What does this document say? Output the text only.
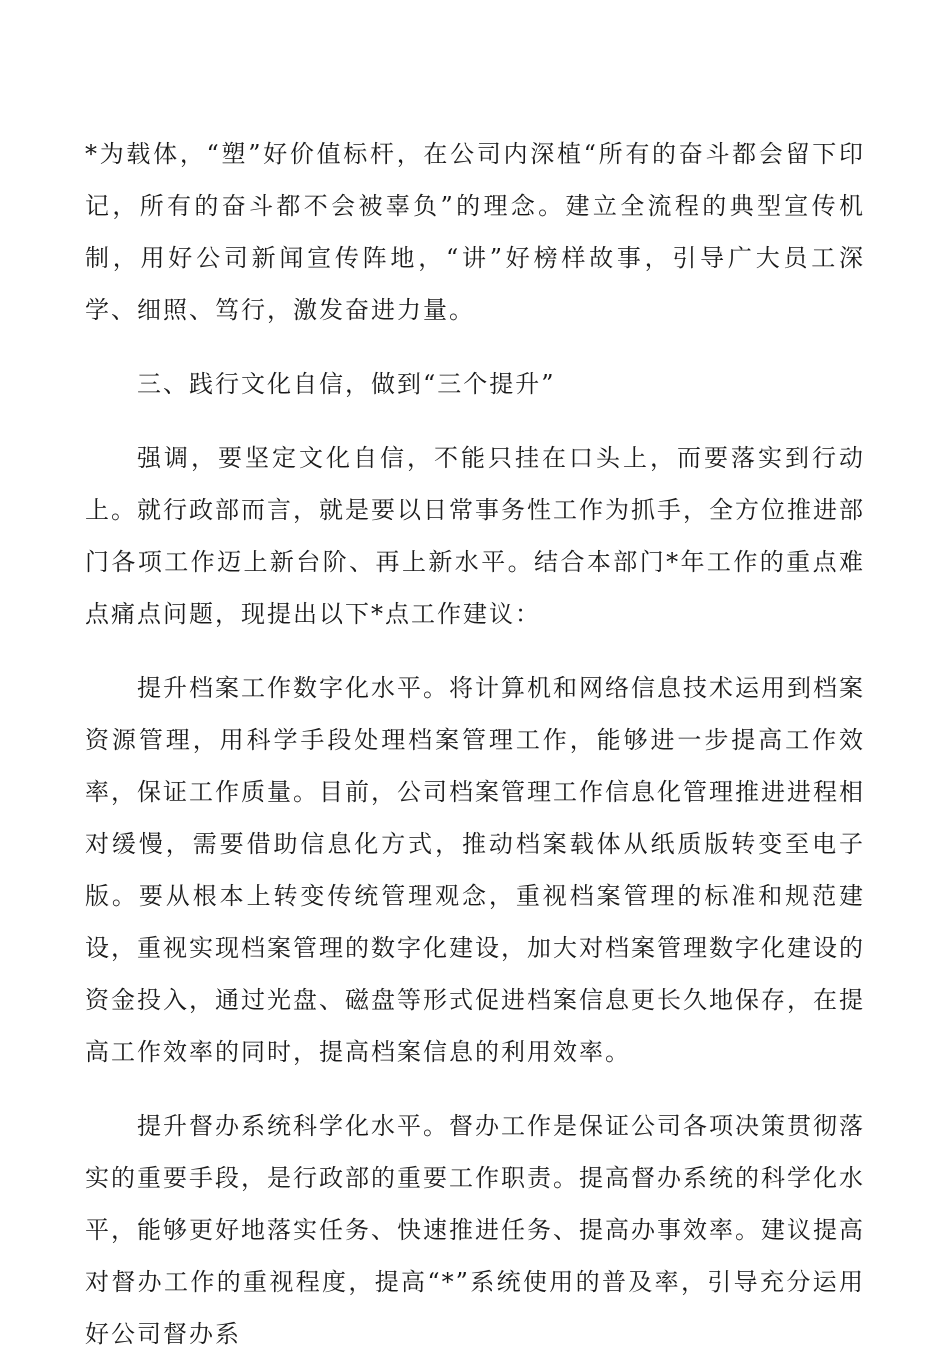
*为载体，“塑”好价值标杆，在公司内深植“所有的奋斗都会留下印记，所有的奋斗都不会被辜负”的理念。建立全流程的典型宣传机制，用好公司新闻宣传阵地，“讲”好榜样故事，引导广大员工深学、细照、笃行，激发奋进力量。

三、践行文化自信，做到“三个提升”

强调，要坚定文化自信，不能只挂在口头上，而要落实到行动上。就行政部而言，就是要以日常事务性工作为抓手，全方位推进部门各项工作迈上新台阶、再上新水平。结合本部门*年工作的重点难点痛点问题，现提出以下*点工作建议：

提升档案工作数字化水平。将计算机和网络信息技术运用到档案资源管理，用科学手段处理档案管理工作，能够进一步提高工作效率，保证工作质量。目前，公司档案管理工作信息化管理推进进程相对缓慢，需要借助信息化方式，推动档案载体从纸质版转变至电子版。要从根本上转变传统管理观念，重视档案管理的标准和规范建设，重视实现档案管理的数字化建设，加大对档案管理数字化建设的资金投入，通过光盘、磁盘等形式促进档案信息更长久地保存，在提高工作效率的同时，提高档案信息的利用效率。

提升督办系统科学化水平。督办工作是保证公司各项决策贯彻落实的重要手段，是行政部的重要工作职责。提高督办系统的科学化水平，能够更好地落实任务、快速推进任务、提高办事效率。建议提高对督办工作的重视程度，提高“*”系统使用的普及率，引导充分运用好公司督办系
